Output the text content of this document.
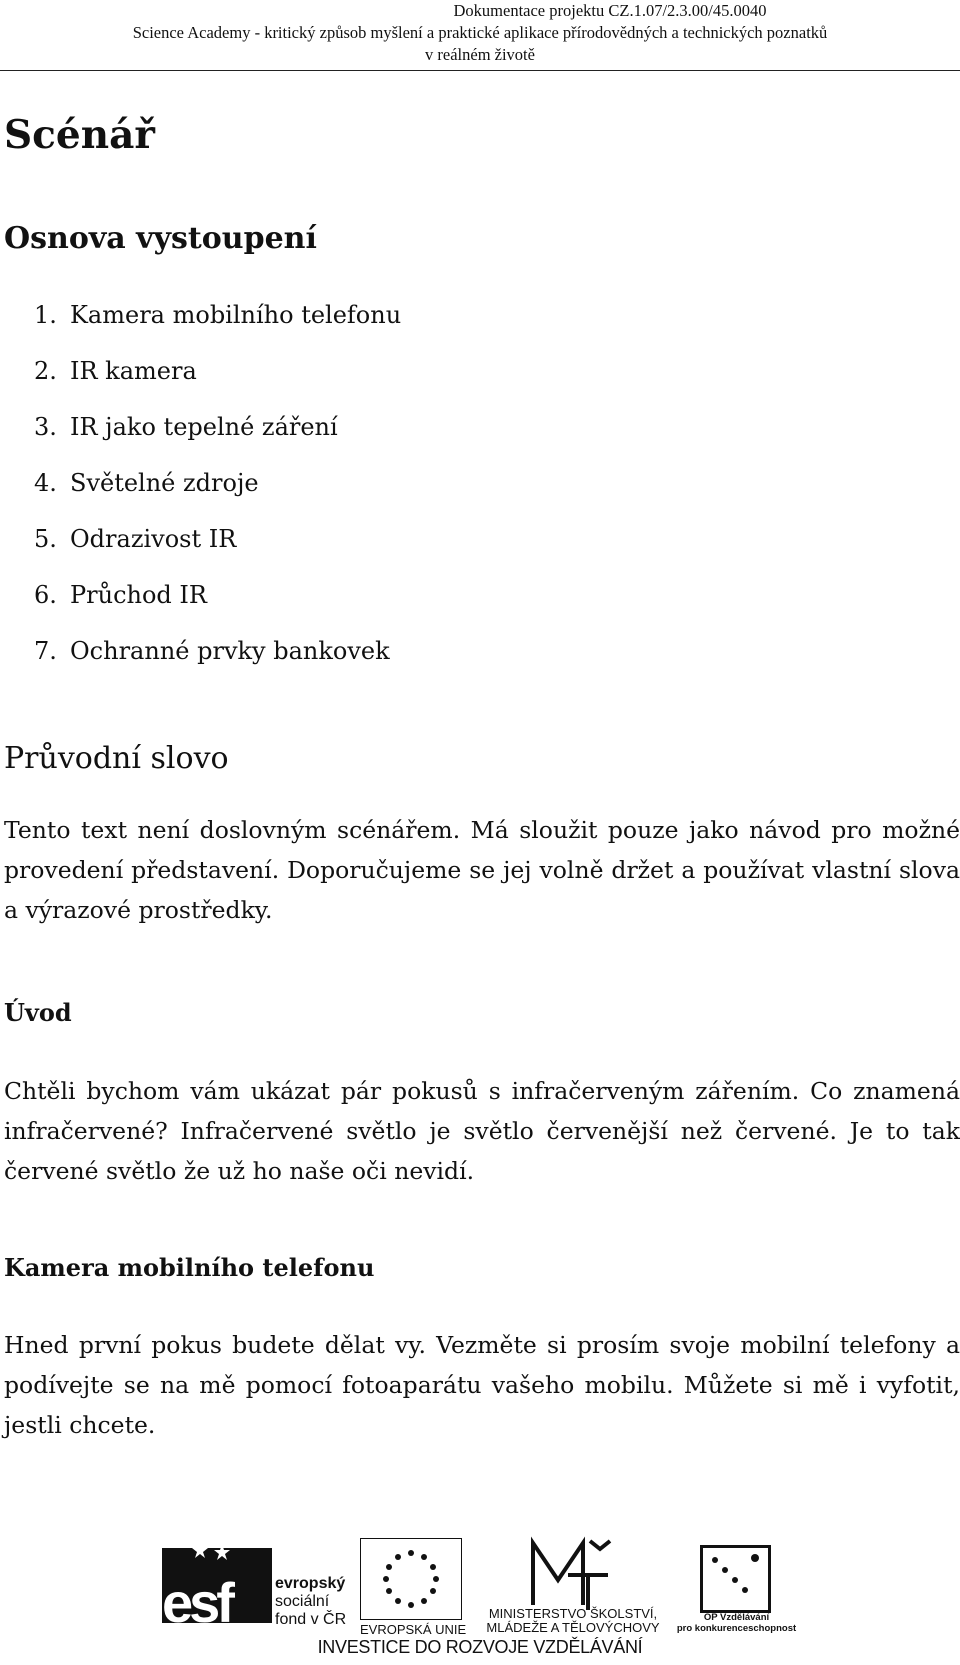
Dokumentace projektu CZ.1.07/2.3.00/45.0040
Science Academy - kritický způsob myšlení a praktické aplikace přírodovědných a technických poznatků
v reálném životě
Scénář
Osnova vystoupení
1. Kamera mobilního telefonu
2. IR kamera
3. IR jako tepelné záření
4. Světelné zdroje
5. Odrazivost IR
6. Průchod IR
7. Ochranné prvky bankovek
Průvodní slovo

Tento text není doslovným scénářem. Má sloužit pouze jako návod pro možné provedení představení. Doporučujeme se jej volně držet a používat vlastní slova a výrazové prostředky.

Úvod

Chtěli bychom vám ukázat pár pokusů s infračerveným zářením. Co znamená infračervené? Infračervené světlo je světlo červenější než červené. Je to tak červené světlo že už ho naše oči nevidí.

Kamera mobilního telefonu

Hned první pokus budete dělat vy. Vezměte si prosím svoje mobilní telefony a podívejte se na mě pomocí fotoaparátu vašeho mobilu. Můžete si mě i vyfotit, jestli chcete.

esf	evropský
sociální
fond v ČR
EVROPSKÁ UNIE
MINISTERSTVO ŠKOLSTVÍ,
MLÁDEŽE A TĚLOVÝCHOVY
OP Vzdělávání
pro konkurenceschopnost
INVESTICE DO ROZVOJE VZDĚLÁVÁNÍ
